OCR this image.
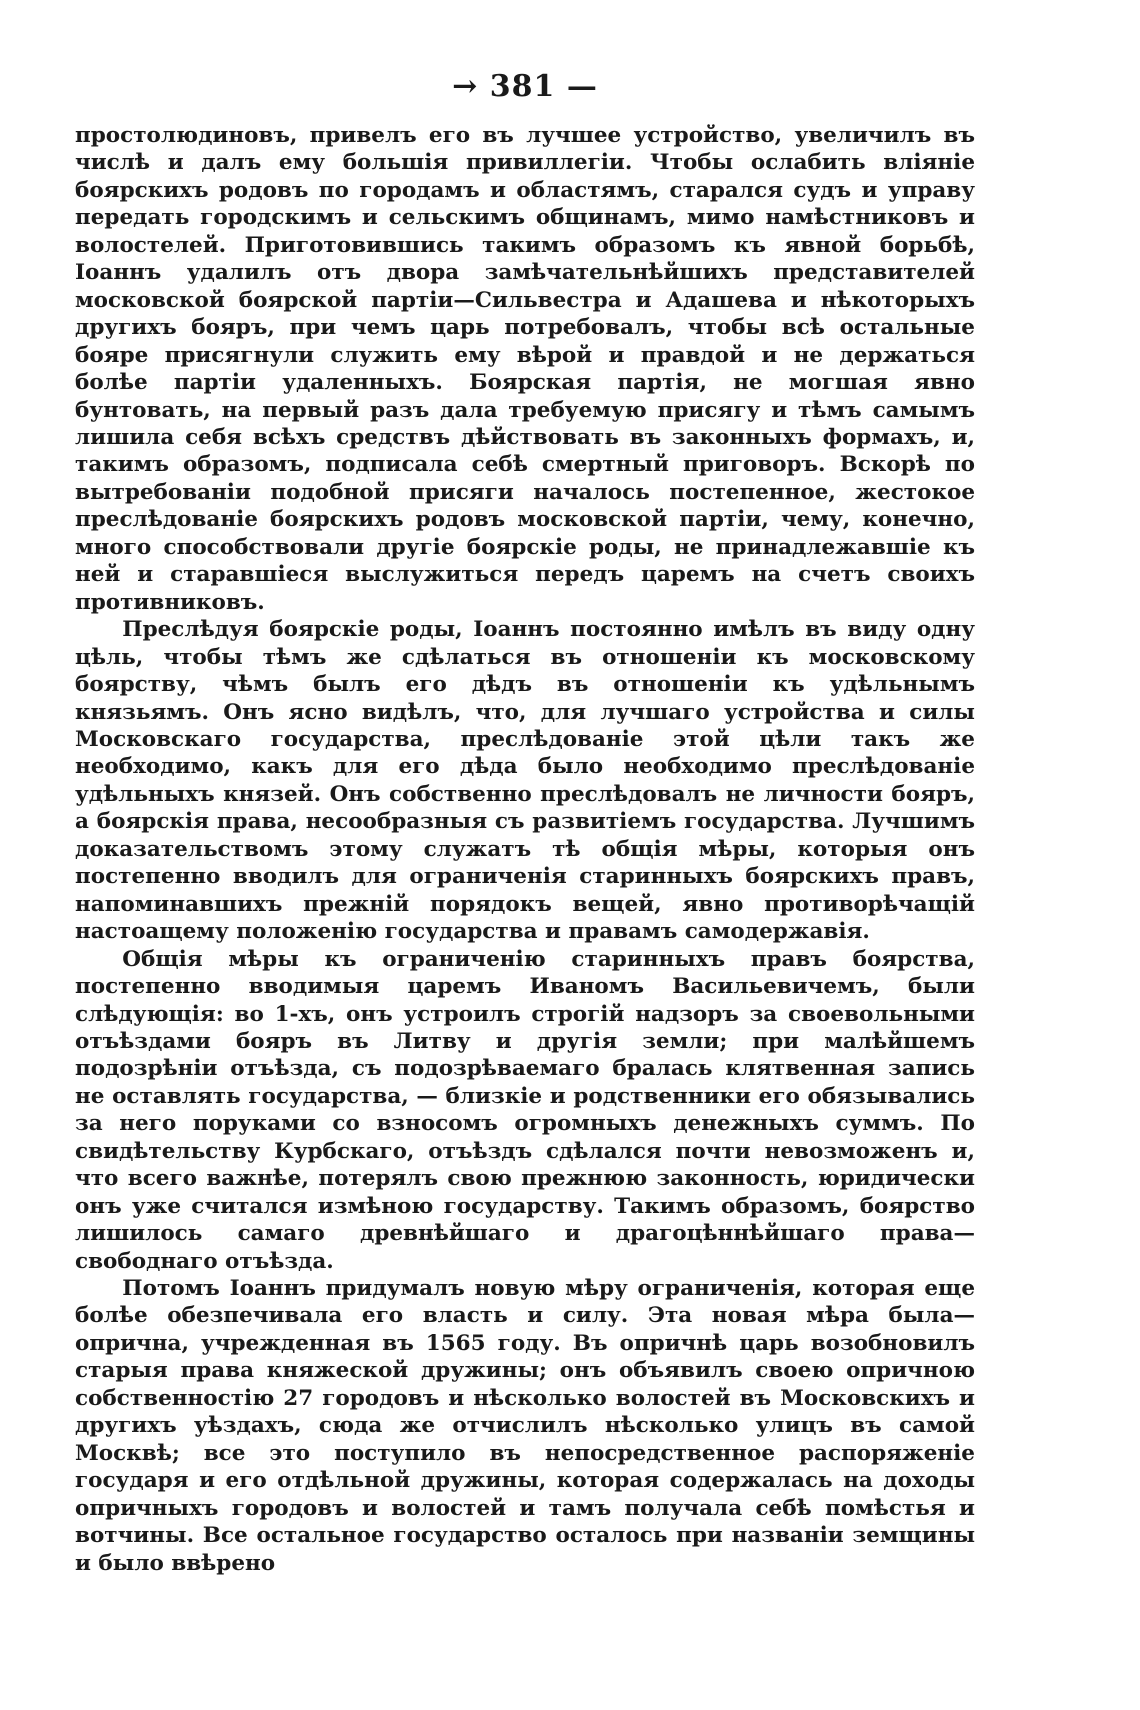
→ 381 —

простолюдиновъ, привелъ его въ лучшее устройство, увеличилъ въ числѣ и далъ ему большія привиллегіи. Чтобы ослабить вліяніе боярскихъ родовъ по городамъ и областямъ, старался судъ и управу передать городскимъ и сельскимъ общинамъ, мимо намѣстниковъ и волостелей. Приготовившись такимъ образомъ къ явной борьбѣ, Іоаннъ удалилъ отъ двора замѣчательнѣйшихъ представителей московской боярской партіи—Сильвестра и Адашева и нѣкоторыхъ другихъ бояръ, при чемъ царь потребовалъ, чтобы всѣ остальные бояре присягнули служить ему вѣрой и правдой и не держаться болѣе партіи удаленныхъ. Боярская партія, не могшая явно бунтовать, на первый разъ дала требуемую присягу и тѣмъ самымъ лишила себя всѣхъ средствъ дѣйствовать въ законныхъ формахъ, и, такимъ образомъ, подписала себѣ смертный приговоръ. Вскорѣ по вытребованіи подобной присяги началось постепенное, жестокое преслѣдованіе боярскихъ родовъ московской партіи, чему, конечно, много способствовали другіе боярскіе роды, не принадлежавшіе къ ней и старавшіеся выслужиться передъ царемъ на счетъ своихъ противниковъ.

Преслѣдуя боярскіе роды, Іоаннъ постоянно имѣлъ въ виду одну цѣль, чтобы тѣмъ же сдѣлаться въ отношеніи къ московскому боярству, чѣмъ былъ его дѣдъ въ отношеніи къ удѣльнымъ князьямъ. Онъ ясно видѣлъ, что, для лучшаго устройства и силы Московскаго государства, преслѣдованіе этой цѣли такъ же необходимо, какъ для его дѣда было необходимо преслѣдованіе удѣльныхъ князей. Онъ собственно преслѣдовалъ не личности бояръ, а боярскія права, несообразныя съ развитіемъ государства. Лучшимъ доказательствомъ этому служатъ тѣ общія мѣры, которыя онъ постепенно вводилъ для ограниченія старинныхъ боярскихъ правъ, напоминавшихъ прежній порядокъ вещей, явно противорѣчащій настоащему положенію государства и правамъ самодержавія.

Общія мѣры къ ограниченію старинныхъ правъ боярства, постепенно вводимыя царемъ Иваномъ Васильевичемъ, были слѣдующія: во 1-хъ, онъ устроилъ строгій надзоръ за своевольными отъѣздами бояръ въ Литву и другія земли; при малѣйшемъ подозрѣніи отъѣзда, съ подозрѣваемаго бралась клятвенная запись не оставлять государства, — близкіе и родственники его обязывались за него поруками со взносомъ огромныхъ денежныхъ суммъ. По свидѣтельству Курбскаго, отъѣздъ сдѣлался почти невозможенъ и, что всего важнѣе, потерялъ свою прежнюю законность, юридически онъ уже считался измѣною государству. Такимъ образомъ, боярство лишилось самаго древнѣйшаго и драгоцѣннѣйшаго права—свободнаго отъѣзда.

Потомъ Іоаннъ придумалъ новую мѣру ограниченія, которая еще болѣе обезпечивала его власть и силу. Эта новая мѣра была—опрична, учрежденная въ 1565 году. Въ опричнѣ царь возобновилъ старыя права княжеской дружины; онъ объявилъ своею опричною собственностію 27 городовъ и нѣсколько волостей въ Московскихъ и другихъ уѣздахъ, сюда же отчислилъ нѣсколько улицъ въ самой Москвѣ; все это поступило въ непосредственное распоряженіе государя и его отдѣльной дружины, которая содержалась на доходы опричныхъ городовъ и волостей и тамъ получала себѣ помѣстья и вотчины. Все остальное государство осталось при названіи земщины и было ввѣрено
